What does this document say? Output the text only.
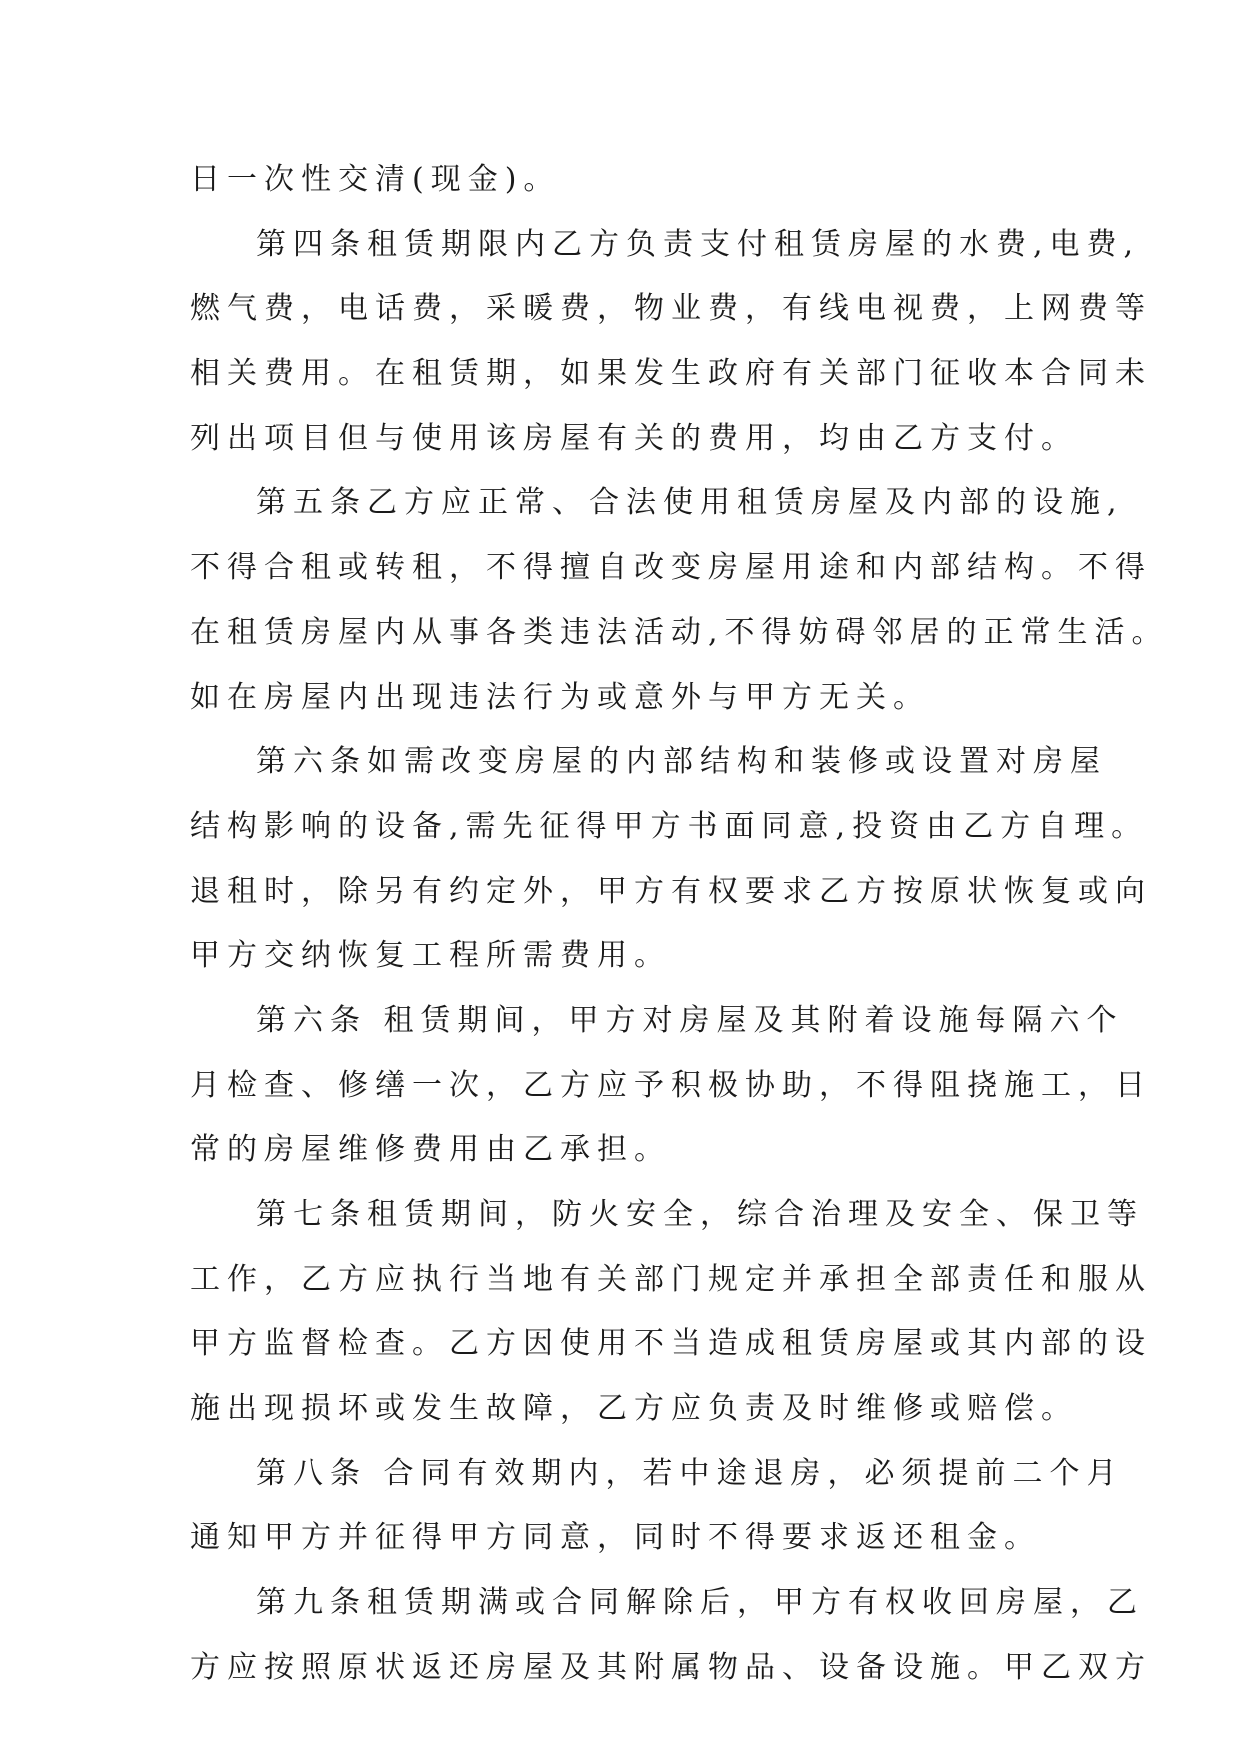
日一次性交清(现金)。
第四条租赁期限内乙方负责支付租赁房屋的水费,电费,
燃气费，电话费，采暖费，物业费，有线电视费，上网费等
相关费用。在租赁期，如果发生政府有关部门征收本合同未
列出项目但与使用该房屋有关的费用，均由乙方支付。
第五条乙方应正常、合法使用租赁房屋及内部的设施,
不得合租或转租，不得擅自改变房屋用途和内部结构。不得
在租赁房屋内从事各类违法活动,不得妨碍邻居的正常生活。
如在房屋内出现违法行为或意外与甲方无关。
第六条如需改变房屋的内部结构和装修或设置对房屋
结构影响的设备,需先征得甲方书面同意,投资由乙方自理。
退租时，除另有约定外，甲方有权要求乙方按原状恢复或向
甲方交纳恢复工程所需费用。
第六条 租赁期间，甲方对房屋及其附着设施每隔六个
月检查、修缮一次，乙方应予积极协助，不得阻挠施工，日
常的房屋维修费用由乙承担。
第七条租赁期间，防火安全，综合治理及安全、保卫等
工作，乙方应执行当地有关部门规定并承担全部责任和服从
甲方监督检查。乙方因使用不当造成租赁房屋或其内部的设
施出现损坏或发生故障，乙方应负责及时维修或赔偿。
第八条 合同有效期内，若中途退房，必须提前二个月
通知甲方并征得甲方同意，同时不得要求返还租金。
第九条租赁期满或合同解除后，甲方有权收回房屋，乙
方应按照原状返还房屋及其附属物品、设备设施。甲乙双方
